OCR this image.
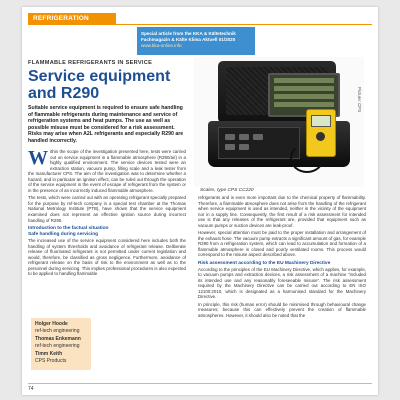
REFRIGERATION
Special article from the KKA & Kältetechnik
Fachmagazin & Kälte Klima Aktuell 01/2020
www.kka-online.info
FLAMMABLE REFRIGERANTS IN SERVICE
Service equipment and R290
Suitable service equipment is required to ensure safe handling of flammable refrigerants during maintenance and service of refrigeration systems and heat pumps. The use as well as possible misuse must be considered for a risk assessment. Risks may arise when A2L refrigerants and especially R290 are handled incorrectly.
Picture: CPS
Scales, type CPS CC220

Within the scope of the investigation presented here, tests were carried out on service equipment in a flammable atmosphere (R290/air) in a highly qualified environment. The service devices tested were an extraction station, vacuum pump, filling scale and a leak tester from the manufacturer CPS. The aim of the investigation was to determine whether a hazard, and in particular an ignition effect, can be ruled out through the operation of the service equipment in the event of escape of refrigerant from the system or in the presence of an incorrectly induced flammable atmosphere.

The tests, which were carried out with an operating refrigerant specially prepared for the purpose by ref-tech company in a special test chamber at the Thomas National Metrology Institute (PTB), have shown that the service equipment examined does not represent an effective ignition source during incorrect handling of R290.

Introduction to the factual situation
Safe handling during servicing

The increased use of the service equipment considered here includes both the handling of system thresholds and avoidance of refrigerant release. Deliberate release of fluorinated refrigerant is not permitted under current legislation and would, therefore, be classified as gross negligence. Furthermore, avoidance of refrigerant release on the basis of risk to the environment as well as to the personnel during servicing. This implies professional procedures is also expected to be applied to handling flammable

Holger Hoode
ref-tech engineering
Thomas Enkemann
ref-tech engineering
Timm Keith
CPS Products

refrigerants and is even more important due to the chemical property of flammability. Therefore, a flammable atmosphere does not arise from the handling of the refrigerant when service equipment is used as intended, neither in the vicinity of the equipment nor in a supply line. Consequently, the first result of a risk assessment for intended use is that any releases of the refrigerant are, provided that equipment such as vacuum pumps or suction devices are leak-proof.

However, special attention must be paid to the proper installation and arrangement of the exhaust hose. The vacuum pump extracts a significant amount of gas, for example R290 from a refrigeration system, which can lead to accumulation and formation of a flammable atmosphere in closed and poorly ventilated rooms. This process would correspond to the misuse aspect described above.

Risk assessment according to the EU Machinery Directive

According to the principles of the EU Machinery Directive, which applies, for example, to vacuum pumps and extraction devices, a risk assessment of a machine "included its intended use and any reasonably foreseeable misuse". The risk assessment required by the Machinery Directive can be carried out according to EN ISO 12100:2010, which is designated as a harmonised standard for the Machinery Directive.

In principle, this risk (human error) should be minimised through behavioural change measures; because this can effectively prevent the creation of flammable atmospheres. However, it should also be noted that the

74
